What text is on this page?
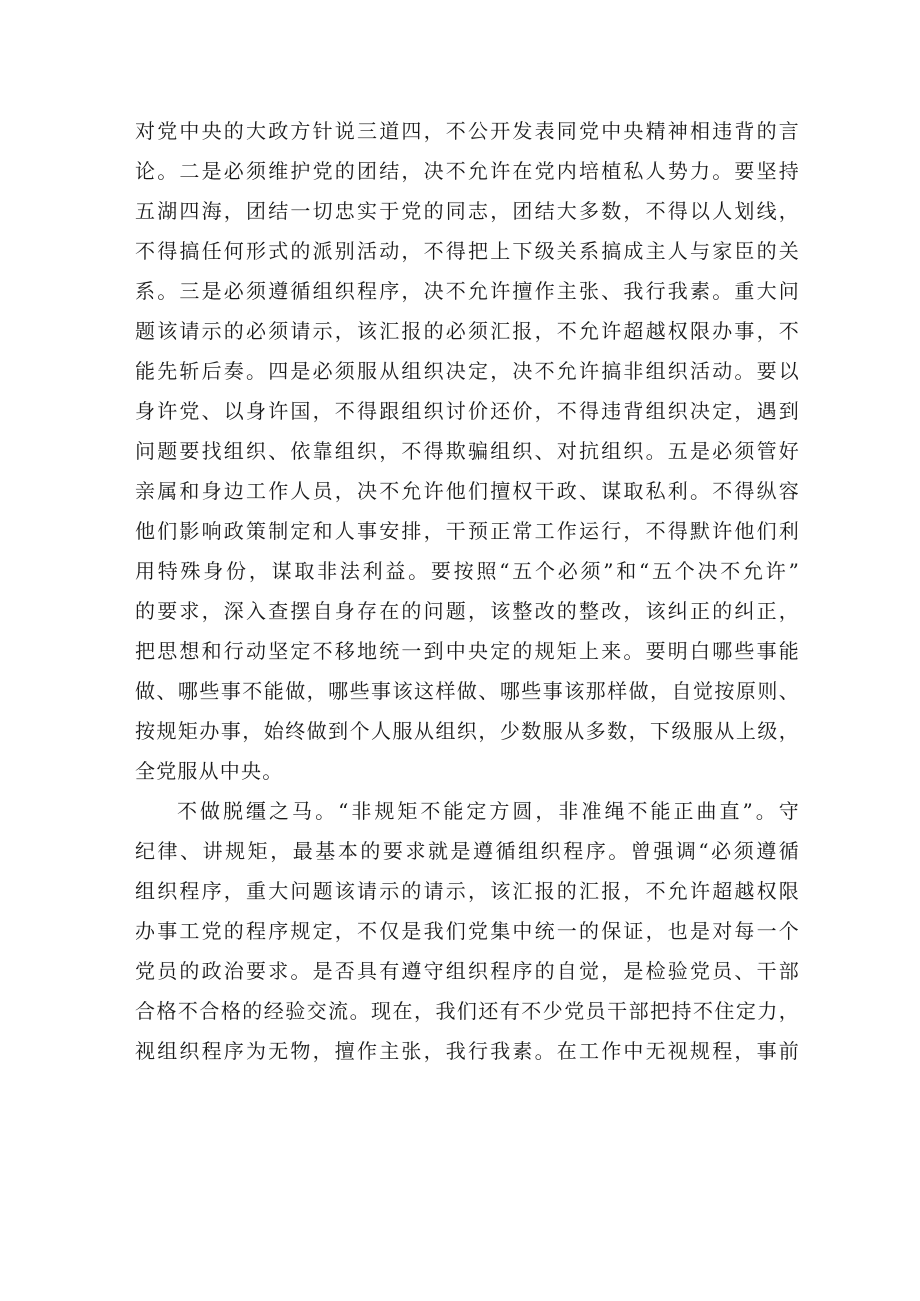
对党中央的大政方针说三道四，不公开发表同党中央精神相违背的言
论。二是必须维护党的团结，决不允许在党内培植私人势力。要坚持
五湖四海，团结一切忠实于党的同志，团结大多数，不得以人划线，
不得搞任何形式的派别活动，不得把上下级关系搞成主人与家臣的关
系。三是必须遵循组织程序，决不允许擅作主张、我行我素。重大问
题该请示的必须请示，该汇报的必须汇报，不允许超越权限办事，不
能先斩后奏。四是必须服从组织决定，决不允许搞非组织活动。要以
身许党、以身许国，不得跟组织讨价还价，不得违背组织决定，遇到
问题要找组织、依靠组织，不得欺骗组织、对抗组织。五是必须管好
亲属和身边工作人员，决不允许他们擅权干政、谋取私利。不得纵容
他们影响政策制定和人事安排，干预正常工作运行，不得默许他们利
用特殊身份，谋取非法利益。要按照“五个必须”和“五个决不允许”
的要求，深入查摆自身存在的问题，该整改的整改，该纠正的纠正，
把思想和行动坚定不移地统一到中央定的规矩上来。要明白哪些事能
做、哪些事不能做，哪些事该这样做、哪些事该那样做，自觉按原则、
按规矩办事，始终做到个人服从组织，少数服从多数，下级服从上级，
全党服从中央。
不做脱缰之马。“非规矩不能定方圆，非准绳不能正曲直”。守
纪律、讲规矩，最基本的要求就是遵循组织程序。曾强调“必须遵循
组织程序，重大问题该请示的请示，该汇报的汇报，不允许超越权限
办事工党的程序规定，不仅是我们党集中统一的保证，也是对每一个
党员的政治要求。是否具有遵守组织程序的自觉，是检验党员、干部
合格不合格的经验交流。现在，我们还有不少党员干部把持不住定力，
视组织程序为无物，擅作主张，我行我素。在工作中无视规程，事前
